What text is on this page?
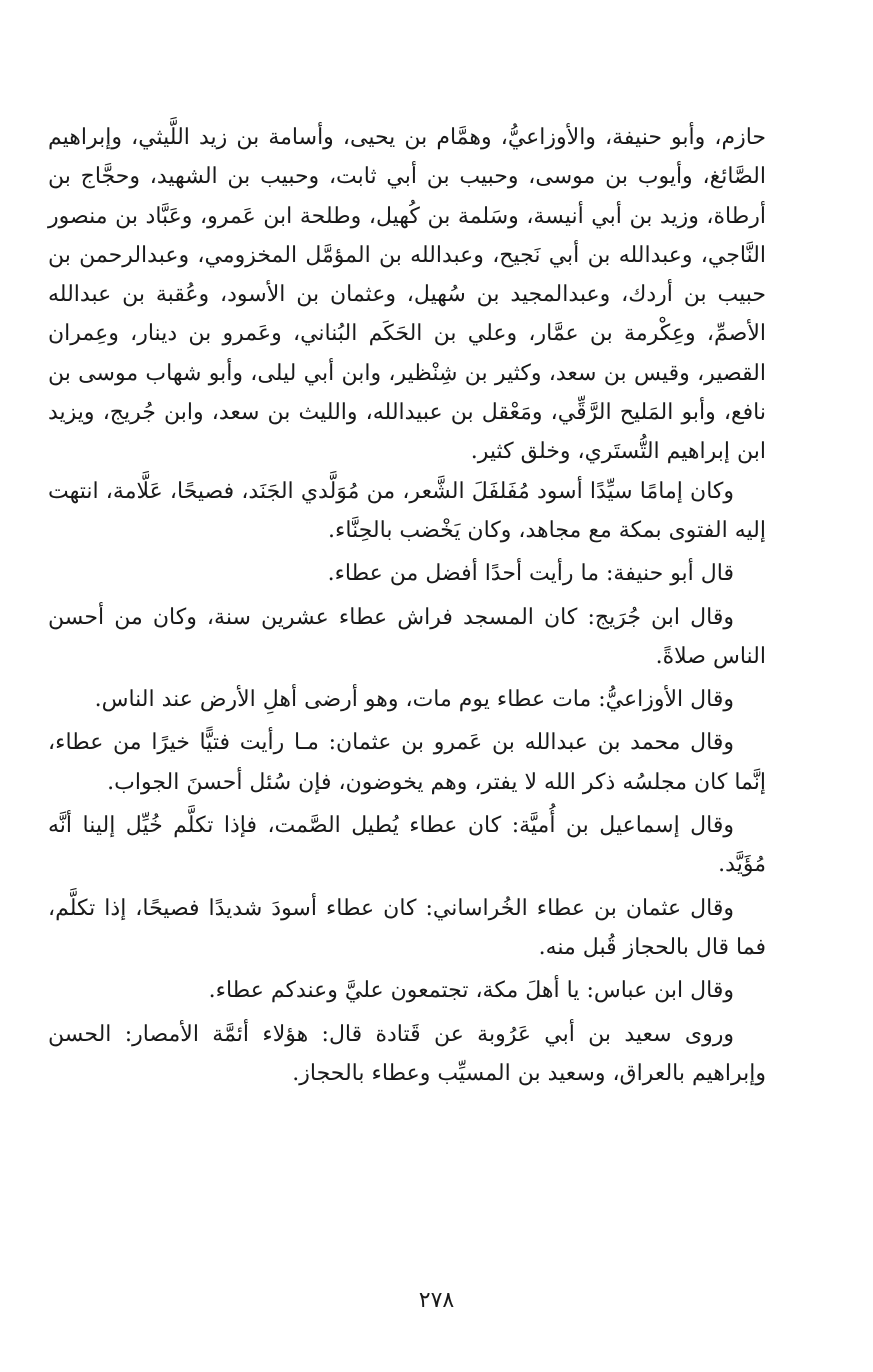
حازم، وأبو حنيفة، والأوزاعيُّ، وهمَّام بن يحيى، وأسامة بن زيد اللَّيثي، وإبراهيم الصَّائغ، وأيوب بن موسى، وحبيب بن أبي ثابت، وحبيب بن الشهيد، وحجَّاج بن أرطاة، وزيد بن أبي أنيسة، وسَلمة بن كُهيل، وطلحة ابن عَمرو، وعَبَّاد بن منصور النَّاجي، وعبدالله بن أبي نَجيح، وعبدالله بن المؤمَّل المخزومي، وعبدالرحمن بن حبيب بن أردك، وعبدالمجيد بن سُهيل، وعثمان بن الأسود، وعُقبة بن عبدالله الأصمِّ، وعِكْرمة بن عمَّار، وعلي بن الحَكَم البُناني، وعَمرو بن دينار، وعِمران القصير، وقيس بن سعد، وكثير بن شِنْظير، وابن أبي ليلى، وأبو شهاب موسى بن نافع، وأبو المَليح الرَّقِّي، ومَعْقل بن عبيدالله، والليث بن سعد، وابن جُريج، ويزيد ابن إبراهيم التُّستَري، وخلق كثير.

وكان إمامًا سيِّدًا أسود مُفَلفَلَ الشَّعر، من مُوَلَّدي الجَنَد، فصيحًا، عَلَّامة، انتهت إليه الفتوى بمكة مع مجاهد، وكان يَخْضب بالحِنَّاء.

قال أبو حنيفة: ما رأيت أحدًا أفضل من عطاء.

وقال ابن جُرَيج: كان المسجد فراش عطاء عشرين سنة، وكان من أحسن الناس صلاةً.

وقال الأوزاعيُّ: مات عطاء يوم مات، وهو أرضى أهلِ الأرض عند الناس.

وقال محمد بن عبدالله بن عَمرو بن عثمان: مـا رأيت فتيًّا خيرًا من عطاء، إنَّما كان مجلسُه ذكر الله لا يفتر، وهم يخوضون، فإن سُئل أحسنَ الجواب.

وقال إسماعيل بن أُميَّة: كان عطاء يُطيل الصَّمت، فإذا تكلَّم خُيِّل إلينا أنَّه مُؤَيَّد.

وقال عثمان بن عطاء الخُراساني: كان عطاء أسودَ شديدًا فصيحًا، إذا تكلَّم، فما قال بالحجاز قُبل منه.

وقال ابن عباس: يا أهلَ مكة، تجتمعون عليَّ وعندكم عطاء.

وروى سعيد بن أبي عَرُوبة عن قَتادة قال: هؤلاء أئمَّة الأمصار: الحسن وإبراهيم بالعراق، وسعيد بن المسيِّب وعطاء بالحجاز.

٢٧٨
